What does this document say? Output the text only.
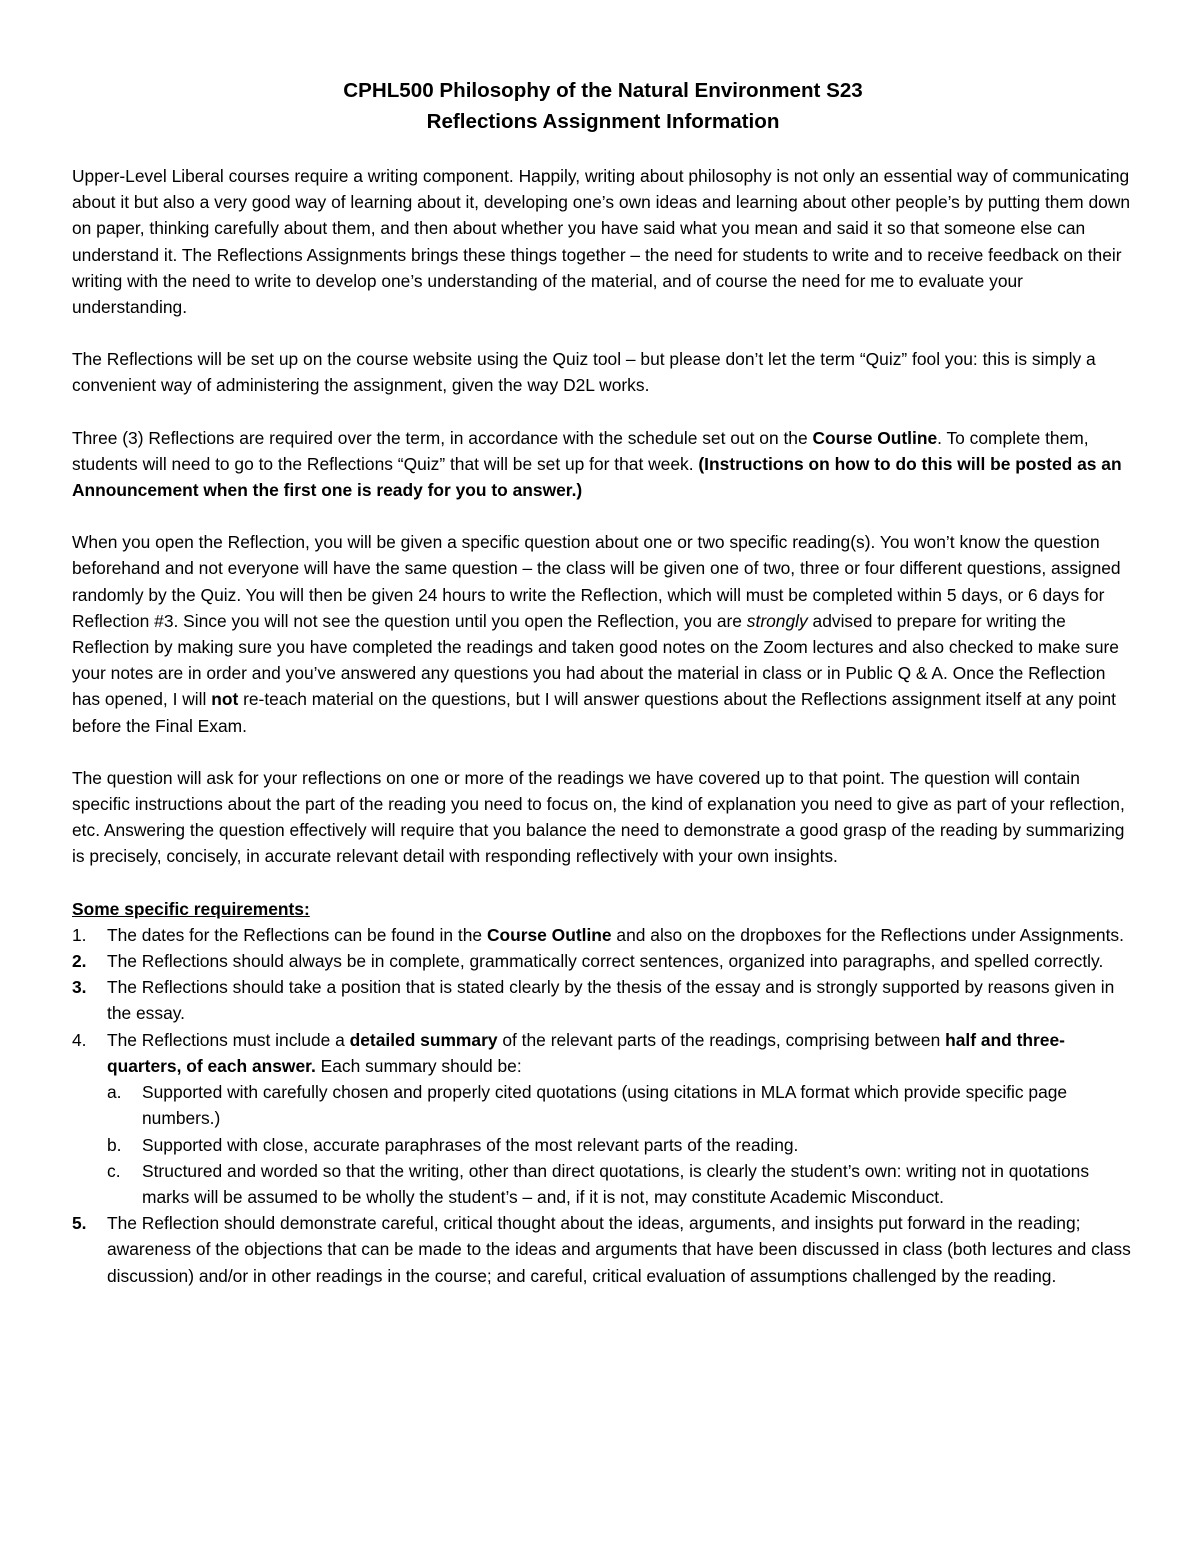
CPHL500 Philosophy of the Natural Environment S23
Reflections Assignment Information

Upper-Level Liberal courses require a writing component. Happily, writing about philosophy is not only an essential way of communicating about it but also a very good way of learning about it, developing one’s own ideas and learning about other people’s by putting them down on paper, thinking carefully about them, and then about whether you have said what you mean and said it so that someone else can understand it. The Reflections Assignments brings these things together – the need for students to write and to receive feedback on their writing with the need to write to develop one’s understanding of the material, and of course the need for me to evaluate your understanding.

The Reflections will be set up on the course website using the Quiz tool – but please don’t let the term “Quiz” fool you: this is simply a convenient way of administering the assignment, given the way D2L works.

Three (3) Reflections are required over the term, in accordance with the schedule set out on the Course Outline. To complete them, students will need to go to the Reflections “Quiz” that will be set up for that week. (Instructions on how to do this will be posted as an Announcement when the first one is ready for you to answer.)

When you open the Reflection, you will be given a specific question about one or two specific reading(s). You won’t know the question beforehand and not everyone will have the same question – the class will be given one of two, three or four different questions, assigned randomly by the Quiz. You will then be given 24 hours to write the Reflection, which will must be completed within 5 days, or 6 days for Reflection #3. Since you will not see the question until you open the Reflection, you are strongly advised to prepare for writing the Reflection by making sure you have completed the readings and taken good notes on the Zoom lectures and also checked to make sure your notes are in order and you’ve answered any questions you had about the material in class or in Public Q & A. Once the Reflection has opened, I will not re-teach material on the questions, but I will answer questions about the Reflections assignment itself at any point before the Final Exam.

The question will ask for your reflections on one or more of the readings we have covered up to that point. The question will contain specific instructions about the part of the reading you need to focus on, the kind of explanation you need to give as part of your reflection, etc. Answering the question effectively will require that you balance the need to demonstrate a good grasp of the reading by summarizing is precisely, concisely, in accurate relevant detail with responding reflectively with your own insights.

Some specific requirements:

1. The dates for the Reflections can be found in the Course Outline and also on the dropboxes for the Reflections under Assignments.
2. The Reflections should always be in complete, grammatically correct sentences, organized into paragraphs, and spelled correctly.
3. The Reflections should take a position that is stated clearly by the thesis of the essay and is strongly supported by reasons given in the essay.
4. The Reflections must include a detailed summary of the relevant parts of the readings, comprising between half and three-quarters, of each answer. Each summary should be:
a. Supported with carefully chosen and properly cited quotations (using citations in MLA format which provide specific page numbers.)
b. Supported with close, accurate paraphrases of the most relevant parts of the reading.
c. Structured and worded so that the writing, other than direct quotations, is clearly the student’s own: writing not in quotations marks will be assumed to be wholly the student’s – and, if it is not, may constitute Academic Misconduct.
5. The Reflection should demonstrate careful, critical thought about the ideas, arguments, and insights put forward in the reading; awareness of the objections that can be made to the ideas and arguments that have been discussed in class (both lectures and class discussion) and/or in other readings in the course; and careful, critical evaluation of assumptions challenged by the reading.
